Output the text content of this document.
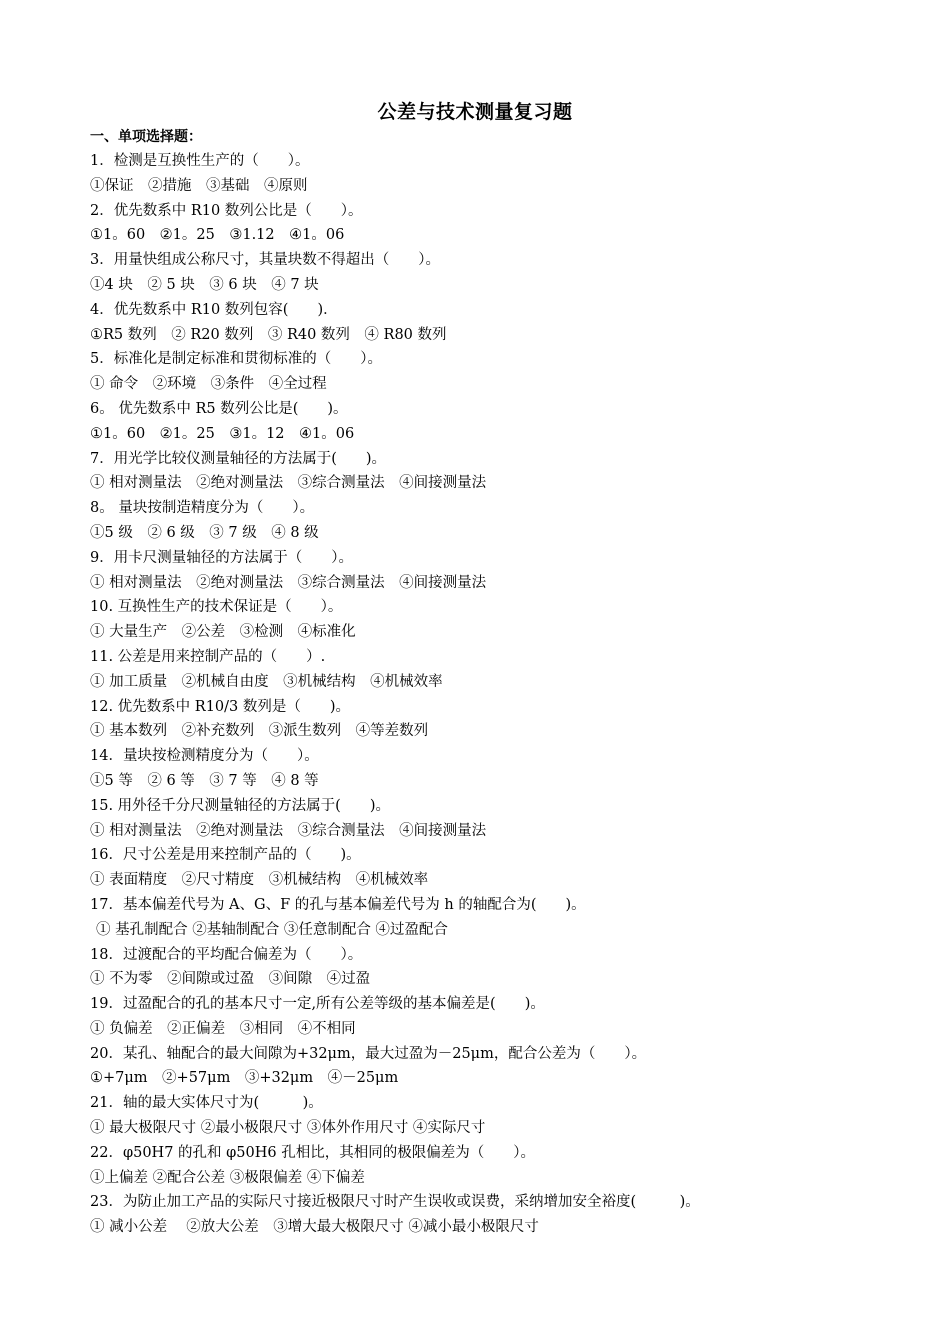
公差与技术测量复习题
一、单项选择题：
1．检测是互换性生产的（　　）。
①保证　②措施　③基础　④原则
2．优先数系中 R10 数列公比是（　　）。
①1。60　②1。25　③1.12　④1。06
3．用量快组成公称尺寸，其量块数不得超出（　　）。
①4 块　② 5 块　③ 6 块　④ 7 块
4．优先数系中 R10 数列包容(　　)．
①R5 数列　② R20 数列　③ R40 数列　④ R80 数列
5．标准化是制定标准和贯彻标准的（　　）。
① 命令　②环境　③条件　④全过程
6。 优先数系中 R5 数列公比是(　　)。
①1。60　②1。25　③1。12　④1。06
7．用光学比较仪测量轴径的方法属于(　　)。
① 相对测量法　②绝对测量法　③综合测量法　④间接测量法
8。 量块按制造精度分为（　　）。
①5 级　② 6 级　③ 7 级　④ 8 级
9．用卡尺测量轴径的方法属于（　　）。
① 相对测量法　②绝对测量法　③综合测量法　④间接测量法
10. 互换性生产的技术保证是（　　）。
① 大量生产　②公差　③检测　④标准化
11. 公差是用来控制产品的（　　）.
① 加工质量　②机械自由度　③机械结构　④机械效率
12. 优先数系中 R10/3 数列是（　　)。
① 基本数列　②补充数列　③派生数列　④等差数列
14．量块按检测精度分为（　　）。
①5 等　② 6 等　③ 7 等　④ 8 等
15. 用外径千分尺测量轴径的方法属于(　　)。
① 相对测量法　②绝对测量法　③综合测量法　④间接测量法
16．尺寸公差是用来控制产品的（　　)。
① 表面精度　②尺寸精度　③机械结构　④机械效率
17．基本偏差代号为 A、G、F 的孔与基本偏差代号为 h 的轴配合为(　　)。
① 基孔制配合 ②基轴制配合 ③任意制配合 ④过盈配合
18．过渡配合的平均配合偏差为（　　）。
① 不为零　②间隙或过盈　③间隙　④过盈
19．过盈配合的孔的基本尺寸一定,所有公差等级的基本偏差是(　　)。
① 负偏差　②正偏差　③相同　④不相同
20．某孔、轴配合的最大间隙为+32μm，最大过盈为－25μm，配合公差为（　　）。
①+7μm　②+57μm　③+32μm　④－25μm
21．轴的最大实体尺寸为(　　　)。
① 最大极限尺寸 ②最小极限尺寸 ③体外作用尺寸 ④实际尺寸
22．φ50H7 的孔和 φ50H6 孔相比，其相同的极限偏差为（　　）。
①上偏差 ②配合公差 ③极限偏差 ④下偏差
23．为防止加工产品的实际尺寸接近极限尺寸时产生误收或误费，采纳增加安全裕度(　　　)。
① 减小公差　 ②放大公差　③增大最大极限尺寸 ④减小最小极限尺寸
